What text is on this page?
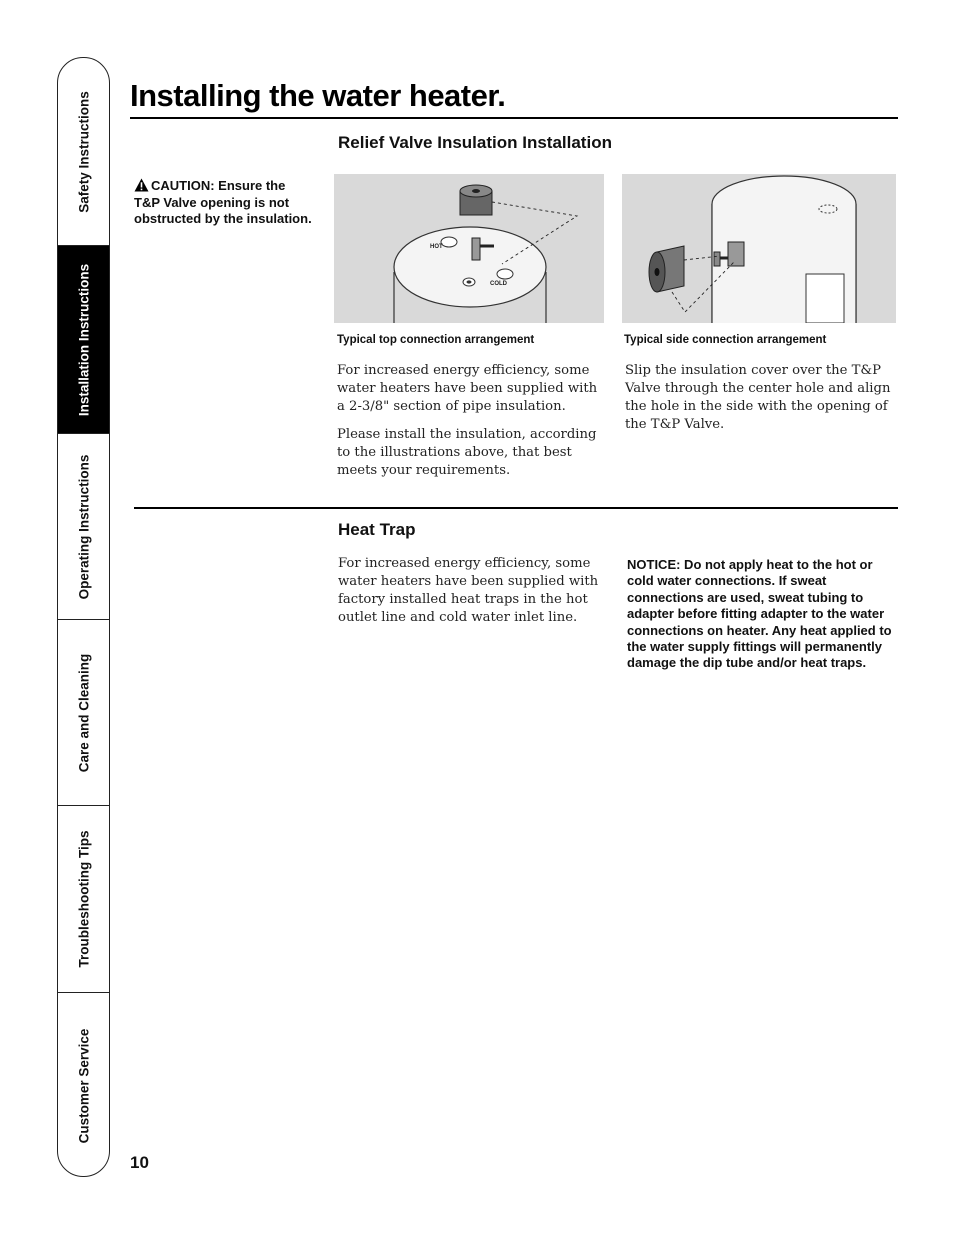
Safety Instructions
Installation Instructions
Operating Instructions
Care and Cleaning
Troubleshooting Tips
Customer Service
Installing the water heater.
Relief Valve Insulation Installation
CAUTION: Ensure the T&P Valve opening is not obstructed by the insulation.
HOT
COLD
Typical top connection arrangement	Typical side connection arrangement

For increased energy efficiency, some water heaters have been supplied with a 2-3/8" section of pipe insulation.

Please install the insulation, according to the illustrations above, that best meets your requirements.

Slip the insulation cover over the T&P Valve through the center hole and align the hole in the side with the opening of the T&P Valve.

Heat Trap

For increased energy efficiency, some water heaters have been supplied with factory installed heat traps in the hot outlet line and cold water inlet line.

NOTICE: Do not apply heat to the hot or cold water connections. If sweat connections are used, sweat tubing to adapter before fitting adapter to the water connections on heater. Any heat applied to the water supply fittings will permanently damage the dip tube and/or heat traps.
10
